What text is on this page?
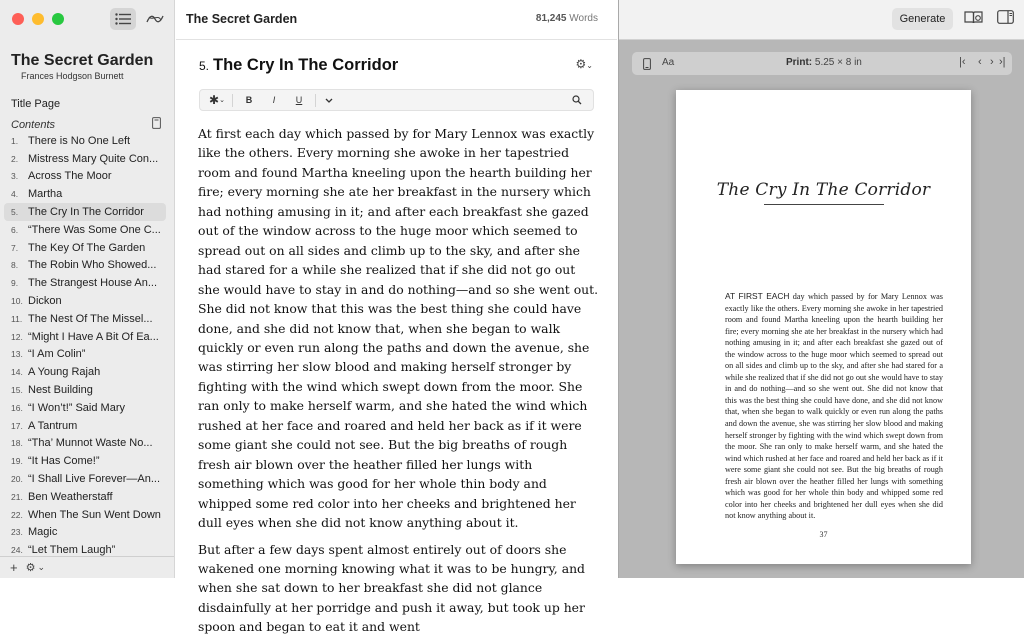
The Secret Garden
Frances Hodgson Burnett
Title Page
Contents
1. There is No One Left
2. Mistress Mary Quite Con...
3. Across The Moor
4. Martha
5. The Cry In The Corridor
6. “There Was Some One C...
7. The Key Of The Garden
8. The Robin Who Showed...
9. The Strangest House An...
10. Dickon
11. The Nest Of The Missel...
12. “Might I Have A Bit Of Ea...
13. “I Am Colin”
14. A Young Rajah
15. Nest Building
16. “I Won’t!” Said Mary
17. A Tantrum
18. “Tha’ Munnot Waste No...
19. “It Has Come!”
20. “I Shall Live Forever—An...
21. Ben Weatherstaff
22. When The Sun Went Down
23. Magic
24. “Let Them Laugh”
+ ⚙ ⌄
The Secret Garden	81,245 Words
5. The Cry In The Corridor	⚙⌄
✱ ⌄	B	I	U

At first each day which passed by for Mary Lennox was exactly like the others. Every morning she awoke in her tapestried room and found Martha kneeling upon the hearth building her fire; every morning she ate her breakfast in the nursery which had nothing amusing in it; and after each breakfast she gazed out of the window across to the huge moor which seemed to spread out on all sides and climb up to the sky, and after she had stared for a while she realized that if she did not go out she would have to stay in and do nothing—and so she went out. She did not know that this was the best thing she could have done, and she did not know that, when she began to walk quickly or even run along the paths and down the avenue, she was stirring her slow blood and making herself stronger by fighting with the wind which swept down from the moor. She ran only to make herself warm, and she hated the wind which rushed at her face and roared and held her back as if it were some giant she could not see. But the big breaths of rough fresh air blown over the heather filled her lungs with something which was good for her whole thin body and whipped some red color into her cheeks and brightened her dull eyes when she did not know anything about it.

But after a few days spent almost entirely out of doors she wakened one morning knowing what it was to be hungry, and when she sat down to her breakfast she did not glance disdainfully at her porridge and push it away, but took up her spoon and began to eat it and went

Generate
Aa	Print: 5.25 × 8 in	|‹ ‹ › ›|
The Cry In The Corridor
AT FIRST EACH day which passed by for Mary Lennox was exactly like the others. Every morning she awoke in her tapestried room and found Martha kneeling upon the hearth building her fire; every morning she ate her breakfast in the nursery which had nothing amusing in it; and after each breakfast she gazed out of the window across to the huge moor which seemed to spread out on all sides and climb up to the sky, and after she had stared for a while she realized that if she did not go out she would have to stay in and do nothing—and so she went out. She did not know that this was the best thing she could have done, and she did not know that, when she began to walk quickly or even run along the paths and down the avenue, she was stirring her slow blood and making herself stronger by fighting with the wind which swept down from the moor. She ran only to make herself warm, and she hated the wind which rushed at her face and roared and held her back as if it were some giant she could not see. But the big breaths of rough fresh air blown over the heather filled her lungs with something which was good for her whole thin body and whipped some red color into her cheeks and brightened her dull eyes when she did not know anything about it.
37
